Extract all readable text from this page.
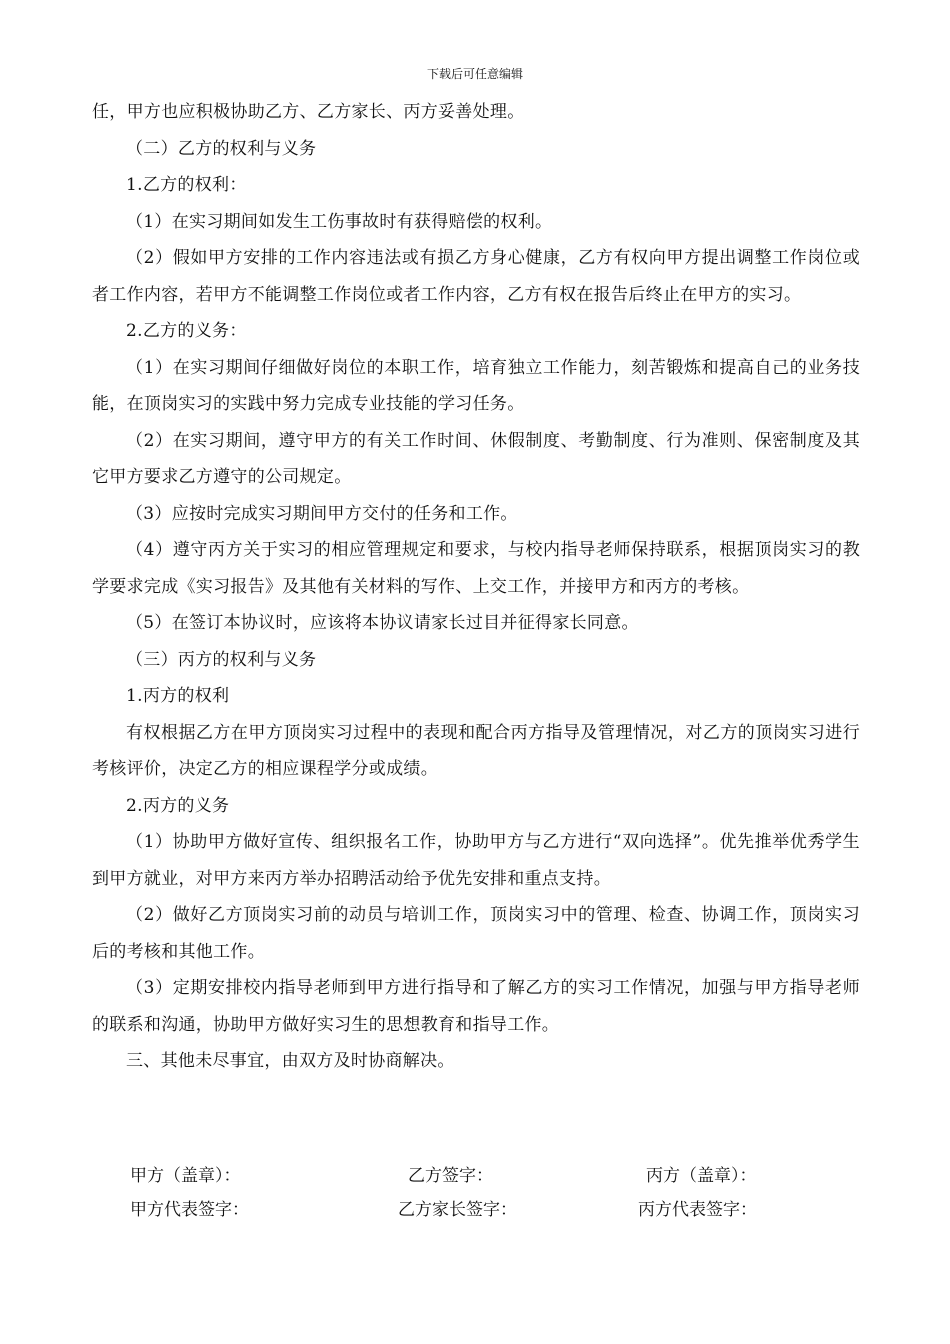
下载后可任意编辑

任，甲方也应积极协助乙方、乙方家长、丙方妥善处理。

（二）乙方的权利与义务

1.乙方的权利：

（1）在实习期间如发生工伤事故时有获得赔偿的权利。

（2）假如甲方安排的工作内容违法或有损乙方身心健康，乙方有权向甲方提出调整工作岗位或者工作内容，若甲方不能调整工作岗位或者工作内容，乙方有权在报告后终止在甲方的实习。

2.乙方的义务：

（1）在实习期间仔细做好岗位的本职工作，培育独立工作能力，刻苦锻炼和提高自己的业务技能，在顶岗实习的实践中努力完成专业技能的学习任务。

（2）在实习期间，遵守甲方的有关工作时间、休假制度、考勤制度、行为准则、保密制度及其它甲方要求乙方遵守的公司规定。

（3）应按时完成实习期间甲方交付的任务和工作。

（4）遵守丙方关于实习的相应管理规定和要求，与校内指导老师保持联系，根据顶岗实习的教学要求完成《实习报告》及其他有关材料的写作、上交工作，并接甲方和丙方的考核。

（5）在签订本协议时，应该将本协议请家长过目并征得家长同意。

（三）丙方的权利与义务

1.丙方的权利

有权根据乙方在甲方顶岗实习过程中的表现和配合丙方指导及管理情况，对乙方的顶岗实习进行考核评价，决定乙方的相应课程学分或成绩。

2.丙方的义务

（1）协助甲方做好宣传、组织报名工作，协助甲方与乙方进行“双向选择”。优先推举优秀学生到甲方就业，对甲方来丙方举办招聘活动给予优先安排和重点支持。

（2）做好乙方顶岗实习前的动员与培训工作，顶岗实习中的管理、检查、协调工作，顶岗实习后的考核和其他工作。

（3）定期安排校内指导老师到甲方进行指导和了解乙方的实习工作情况，加强与甲方指导老师的联系和沟通，协助甲方做好实习生的思想教育和指导工作。

三、其他未尽事宜，由双方及时协商解决。

甲方（盖章）：	乙方签字：	丙方（盖章）：
甲方代表签字：	乙方家长签字：	丙方代表签字：
